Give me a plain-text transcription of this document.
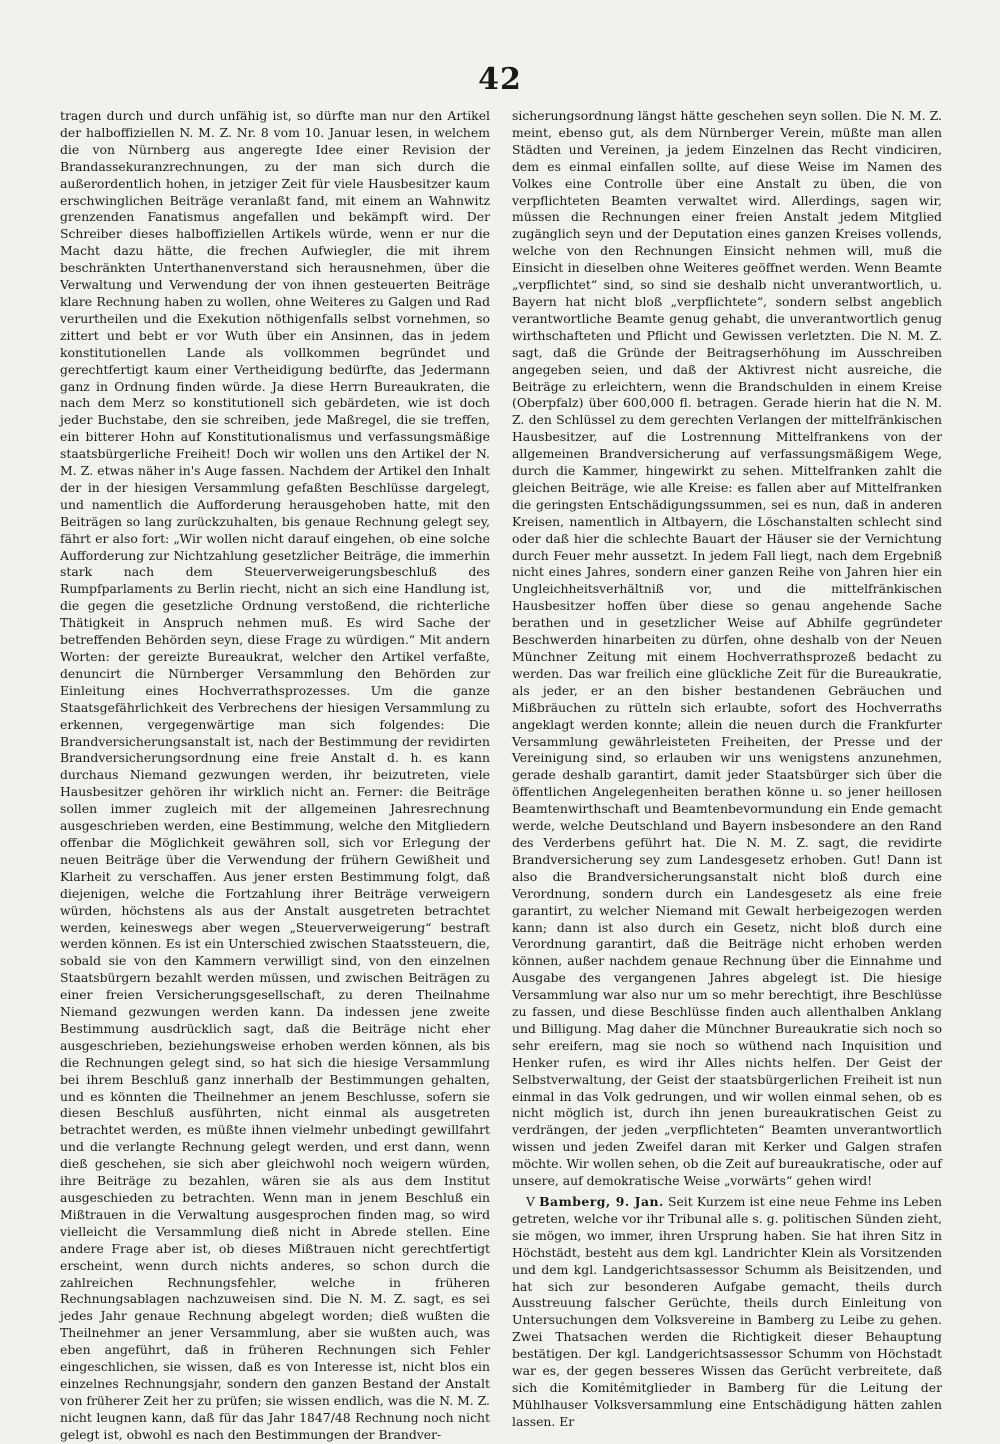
42

tragen durch und durch unfähig ist, so dürfte man nur den Artikel der halboffiziellen N. M. Z. Nr. 8 vom 10. Januar lesen, in welchem die von Nürnberg aus angeregte Idee einer Revision der Brandassekuranzrechnungen, zu der man sich durch die außerordentlich hohen, in jetziger Zeit für viele Hausbesitzer kaum erschwinglichen Beiträge veranlaßt fand, mit einem an Wahnwitz grenzenden Fanatismus angefallen und bekämpft wird. Der Schreiber dieses halboffiziellen Artikels würde, wenn er nur die Macht dazu hätte, die frechen Aufwiegler, die mit ihrem beschränkten Unterthanenverstand sich herausnehmen, über die Verwaltung und Verwendung der von ihnen gesteuerten Beiträge klare Rechnung haben zu wollen, ohne Weiteres zu Galgen und Rad verurtheilen und die Exekution nöthigenfalls selbst vornehmen, so zittert und bebt er vor Wuth über ein Ansinnen, das in jedem konstitutionellen Lande als vollkommen begründet und gerechtfertigt kaum einer Vertheidigung bedürfte, das Jedermann ganz in Ordnung finden würde. Ja diese Herrn Bureaukraten, die nach dem Merz so konstitutionell sich gebärdeten, wie ist doch jeder Buchstabe, den sie schreiben, jede Maßregel, die sie treffen, ein bitterer Hohn auf Konstitutionalismus und verfassungsmäßige staatsbürgerliche Freiheit! Doch wir wollen uns den Artikel der N. M. Z. etwas näher in's Auge fassen. Nachdem der Artikel den Inhalt der in der hiesigen Versammlung gefaßten Beschlüsse dargelegt, und namentlich die Aufforderung herausgehoben hatte, mit den Beiträgen so lang zurückzuhalten, bis genaue Rechnung gelegt sey, fährt er also fort: „Wir wollen nicht darauf eingehen, ob eine solche Aufforderung zur Nichtzahlung gesetzlicher Beiträge, die immerhin stark nach dem Steuerverweigerungsbeschluß des Rumpfparlaments zu Berlin riecht, nicht an sich eine Handlung ist, die gegen die gesetzliche Ordnung verstoßend, die richterliche Thätigkeit in Anspruch nehmen muß. Es wird Sache der betreffenden Behörden seyn, diese Frage zu würdigen.“ Mit andern Worten: der gereizte Bureaukrat, welcher den Artikel verfaßte, denuncirt die Nürnberger Versammlung den Behörden zur Einleitung eines Hochverrathsprozesses. Um die ganze Staatsgefährlichkeit des Verbrechens der hiesigen Versammlung zu erkennen, vergegenwärtige man sich folgendes: Die Brandversicherungsanstalt ist, nach der Bestimmung der revidirten Brandversicherungsordnung eine freie Anstalt d. h. es kann durchaus Niemand gezwungen werden, ihr beizutreten, viele Hausbesitzer gehören ihr wirklich nicht an. Ferner: die Beiträge sollen immer zugleich mit der allgemeinen Jahresrechnung ausgeschrieben werden, eine Bestimmung, welche den Mitgliedern offenbar die Möglichkeit gewähren soll, sich vor Erlegung der neuen Beiträge über die Verwendung der frühern Gewißheit und Klarheit zu verschaffen. Aus jener ersten Bestimmung folgt, daß diejenigen, welche die Fortzahlung ihrer Beiträge verweigern würden, höchstens als aus der Anstalt ausgetreten betrachtet werden, keineswegs aber wegen „Steuerverweigerung“ bestraft werden können. Es ist ein Unterschied zwischen Staatssteuern, die, sobald sie von den Kammern verwilligt sind, von den einzelnen Staatsbürgern bezahlt werden müssen, und zwischen Beiträgen zu einer freien Versicherungsgesellschaft, zu deren Theilnahme Niemand gezwungen werden kann. Da indessen jene zweite Bestimmung ausdrücklich sagt, daß die Beiträge nicht eher ausgeschrieben, beziehungsweise erhoben werden können, als bis die Rechnungen gelegt sind, so hat sich die hiesige Versammlung bei ihrem Beschluß ganz innerhalb der Bestimmungen gehalten, und es könnten die Theilnehmer an jenem Beschlusse, sofern sie diesen Beschluß ausführten, nicht einmal als ausgetreten betrachtet werden, es müßte ihnen vielmehr unbedingt gewillfahrt und die verlangte Rechnung gelegt werden, und erst dann, wenn dieß geschehen, sie sich aber gleichwohl noch weigern würden, ihre Beiträge zu bezahlen, wären sie als aus dem Institut ausgeschieden zu betrachten. Wenn man in jenem Beschluß ein Mißtrauen in die Verwaltung ausgesprochen finden mag, so wird vielleicht die Versammlung dieß nicht in Abrede stellen. Eine andere Frage aber ist, ob dieses Mißtrauen nicht gerechtfertigt erscheint, wenn durch nichts anderes, so schon durch die zahlreichen Rechnungsfehler, welche in früheren Rechnungsablagen nachzuweisen sind. Die N. M. Z. sagt, es sei jedes Jahr genaue Rechnung abgelegt worden; dieß wußten die Theilnehmer an jener Versammlung, aber sie wußten auch, was eben angeführt, daß in früheren Rechnungen sich Fehler eingeschlichen, sie wissen, daß es von Interesse ist, nicht blos ein einzelnes Rechnungsjahr, sondern den ganzen Bestand der Anstalt von früherer Zeit her zu prüfen; sie wissen endlich, was die N. M. Z. nicht leugnen kann, daß für das Jahr 1847/48 Rechnung noch nicht gelegt ist, obwohl es nach den Bestimmungen der Brandver-

sicherungsordnung längst hätte geschehen seyn sollen. Die N. M. Z. meint, ebenso gut, als dem Nürnberger Verein, müßte man allen Städten und Vereinen, ja jedem Einzelnen das Recht vindiciren, dem es einmal einfallen sollte, auf diese Weise im Namen des Volkes eine Controlle über eine Anstalt zu üben, die von verpflichteten Beamten verwaltet wird. Allerdings, sagen wir, müssen die Rechnungen einer freien Anstalt jedem Mitglied zugänglich seyn und der Deputation eines ganzen Kreises vollends, welche von den Rechnungen Einsicht nehmen will, muß die Einsicht in dieselben ohne Weiteres geöffnet werden. Wenn Beamte „verpflichtet“ sind, so sind sie deshalb nicht unverantwortlich, u. Bayern hat nicht bloß „verpflichtete“, sondern selbst angeblich verantwortliche Beamte genug gehabt, die unverantwortlich genug wirthschafteten und Pflicht und Gewissen verletzten. Die N. M. Z. sagt, daß die Gründe der Beitragserhöhung im Ausschreiben angegeben seien, und daß der Aktivrest nicht ausreiche, die Beiträge zu erleichtern, wenn die Brandschulden in einem Kreise (Oberpfalz) über 600,000 fl. betragen. Gerade hierin hat die N. M. Z. den Schlüssel zu dem gerechten Verlangen der mittelfränkischen Hausbesitzer, auf die Lostrennung Mittelfrankens von der allgemeinen Brandversicherung auf verfassungsmäßigem Wege, durch die Kammer, hingewirkt zu sehen. Mittelfranken zahlt die gleichen Beiträge, wie alle Kreise: es fallen aber auf Mittelfranken die geringsten Entschädigungssummen, sei es nun, daß in anderen Kreisen, namentlich in Altbayern, die Löschanstalten schlecht sind oder daß hier die schlechte Bauart der Häuser sie der Vernichtung durch Feuer mehr aussetzt. In jedem Fall liegt, nach dem Ergebniß nicht eines Jahres, sondern einer ganzen Reihe von Jahren hier ein Ungleichheitsverhältniß vor, und die mittelfränkischen Hausbesitzer hoffen über diese so genau angehende Sache berathen und in gesetzlicher Weise auf Abhilfe gegründeter Beschwerden hinarbeiten zu dürfen, ohne deshalb von der Neuen Münchner Zeitung mit einem Hochverrathsprozeß bedacht zu werden. Das war freilich eine glückliche Zeit für die Bureaukratie, als jeder, er an den bisher bestandenen Gebräuchen und Mißbräuchen zu rütteln sich erlaubte, sofort des Hochverraths angeklagt werden konnte; allein die neuen durch die Frankfurter Versammlung gewährleisteten Freiheiten, der Presse und der Vereinigung sind, so erlauben wir uns wenigstens anzunehmen, gerade deshalb garantirt, damit jeder Staatsbürger sich über die öffentlichen Angelegenheiten berathen könne u. so jener heillosen Beamtenwirthschaft und Beamtenbevormundung ein Ende gemacht werde, welche Deutschland und Bayern insbesondere an den Rand des Verderbens geführt hat. Die N. M. Z. sagt, die revidirte Brandversicherung sey zum Landesgesetz erhoben. Gut! Dann ist also die Brandversicherungsanstalt nicht bloß durch eine Verordnung, sondern durch ein Landesgesetz als eine freie garantirt, zu welcher Niemand mit Gewalt herbeigezogen werden kann; dann ist also durch ein Gesetz, nicht bloß durch eine Verordnung garantirt, daß die Beiträge nicht erhoben werden können, außer nachdem genaue Rechnung über die Einnahme und Ausgabe des vergangenen Jahres abgelegt ist. Die hiesige Versammlung war also nur um so mehr berechtigt, ihre Beschlüsse zu fassen, und diese Beschlüsse finden auch allenthalben Anklang und Billigung. Mag daher die Münchner Bureaukratie sich noch so sehr ereifern, mag sie noch so wüthend nach Inquisition und Henker rufen, es wird ihr Alles nichts helfen. Der Geist der Selbstverwaltung, der Geist der staatsbürgerlichen Freiheit ist nun einmal in das Volk gedrungen, und wir wollen einmal sehen, ob es nicht möglich ist, durch ihn jenen bureaukratischen Geist zu verdrängen, der jeden „verpflichteten“ Beamten unverantwortlich wissen und jeden Zweifel daran mit Kerker und Galgen strafen möchte. Wir wollen sehen, ob die Zeit auf bureaukratische, oder auf unsere, auf demokratische Weise „vorwärts“ gehen wird!

V Bamberg, 9. Jan. Seit Kurzem ist eine neue Fehme ins Leben getreten, welche vor ihr Tribunal alle s. g. politischen Sünden zieht, sie mögen, wo immer, ihren Ursprung haben. Sie hat ihren Sitz in Höchstädt, besteht aus dem kgl. Landrichter Klein als Vorsitzenden und dem kgl. Landgerichtsassessor Schumm als Beisitzenden, und hat sich zur besonderen Aufgabe gemacht, theils durch Ausstreuung falscher Gerüchte, theils durch Einleitung von Untersuchungen dem Volksvereine in Bamberg zu Leibe zu gehen. Zwei Thatsachen werden die Richtigkeit dieser Behauptung bestätigen. Der kgl. Landgerichtsassessor Schumm von Höchstadt war es, der gegen besseres Wissen das Gerücht verbreitete, daß sich die Komitémitglieder in Bamberg für die Leitung der Mühlhauser Volksversammlung eine Entschädigung hätten zahlen lassen. Er
